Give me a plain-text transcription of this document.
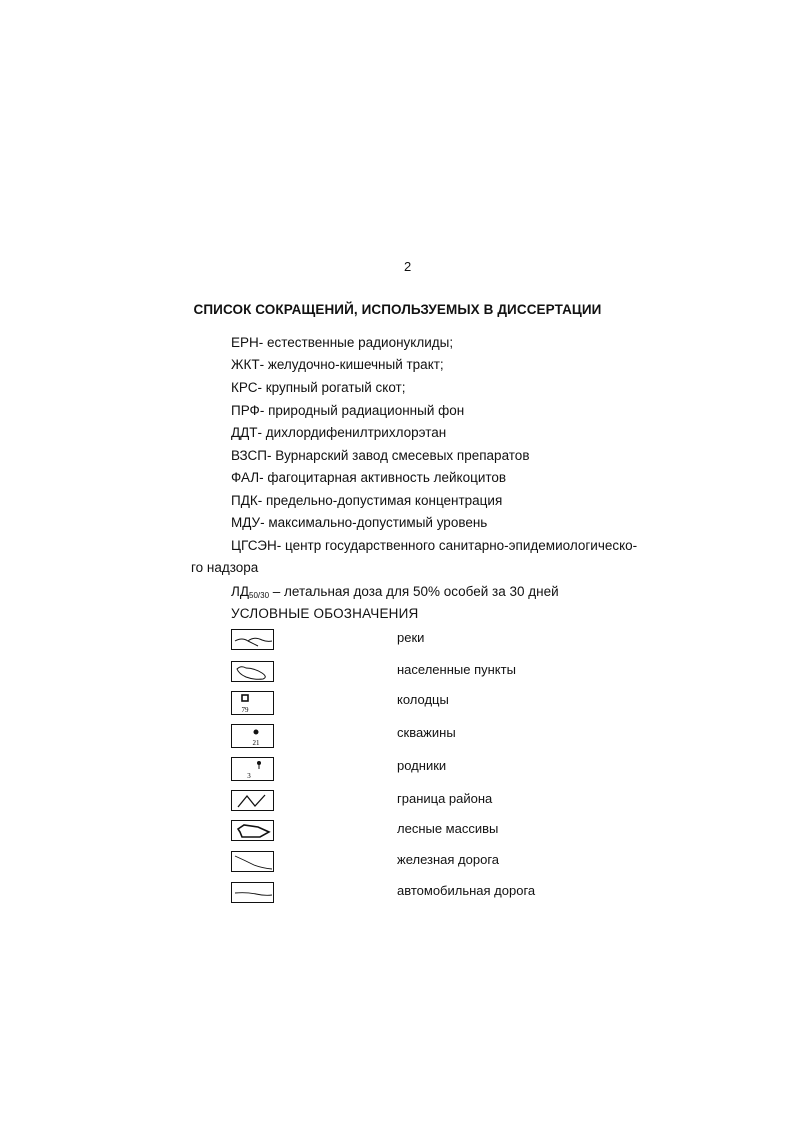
2
СПИСОК СОКРАЩЕНИЙ, ИСПОЛЬЗУЕМЫХ В ДИССЕРТАЦИИ
ЕРН- естественные радионуклиды;
ЖКТ- желудочно-кишечный тракт;
КРС- крупный рогатый скот;
ПРФ- природный радиационный фон
ДДТ- дихлордифенилтрихлорэтан
ВЗСП- Вурнарский завод смесевых препаратов
ФАЛ- фагоцитарная активность лейкоцитов
ПДК- предельно-допустимая концентрация
МДУ- максимально-допустимый уровень
ЦГСЭН- центр государственного санитарно-эпидемиологическо-
го надзора
$ЛД_{50/30}$ – летальная доза для 50% особей за 30 дней
УСЛОВНЫЕ ОБОЗНАЧЕНИЯ
реки
населенные пункты
79
колодцы
21
скважины
3
родники
граница района
лесные массивы
железная дорога
автомобильная дорога
